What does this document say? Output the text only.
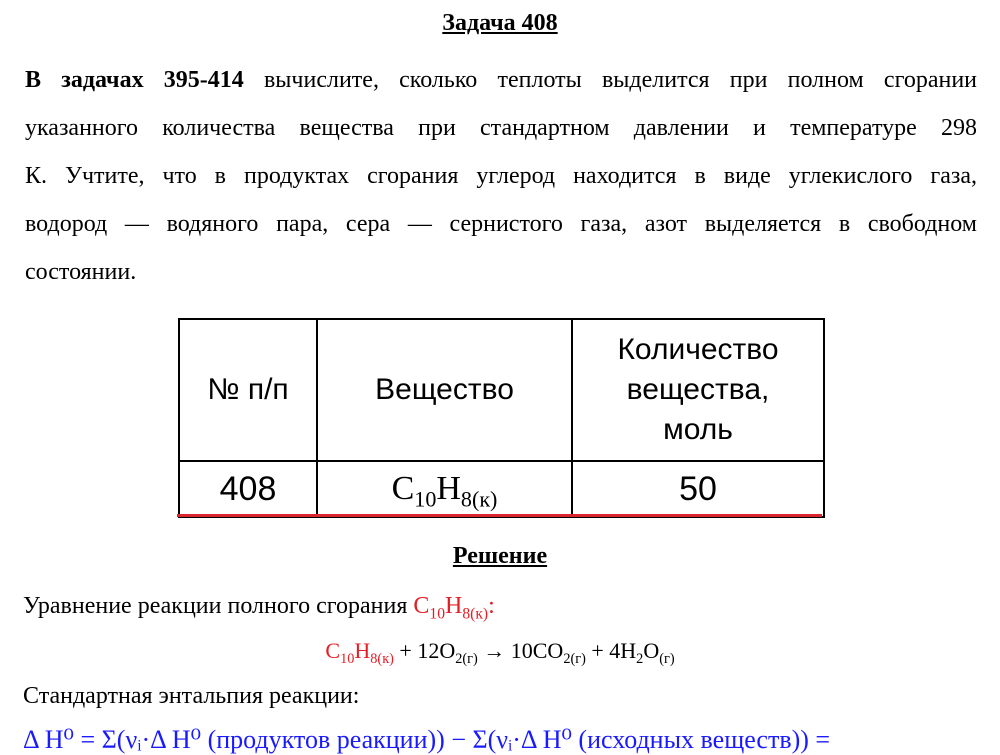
Задача 408
В задачах 395-414 вычислите, сколько теплоты выделится при полном сгорании
указанного количества вещества при стандартном давлении и температуре 298
К. Учтите, что в продуктах сгорания углерод находится в виде углекислого газа,
водород — водяного пара, сера — сернистого газа, азот выделяется в свободном
состоянии.
№ п/п	Вещество	Количество
вещества,
моль

408	$C_{10}H_{8(к)}$	50
Решение
Уравнение реакции полного сгорания $C_{10}H_{8(к)}$:
$C_{10}H_{8(к)} + 12O_{2(г)} \to 10CO_{2(г)} + 4H_2O_{(г)}$
Стандартная энтальпия реакции:
Δ H⁰ = Σ(νᵢ·Δ H⁰ (продуктов реакции)) − Σ(νᵢ·Δ H⁰ (исходных веществ)) =
